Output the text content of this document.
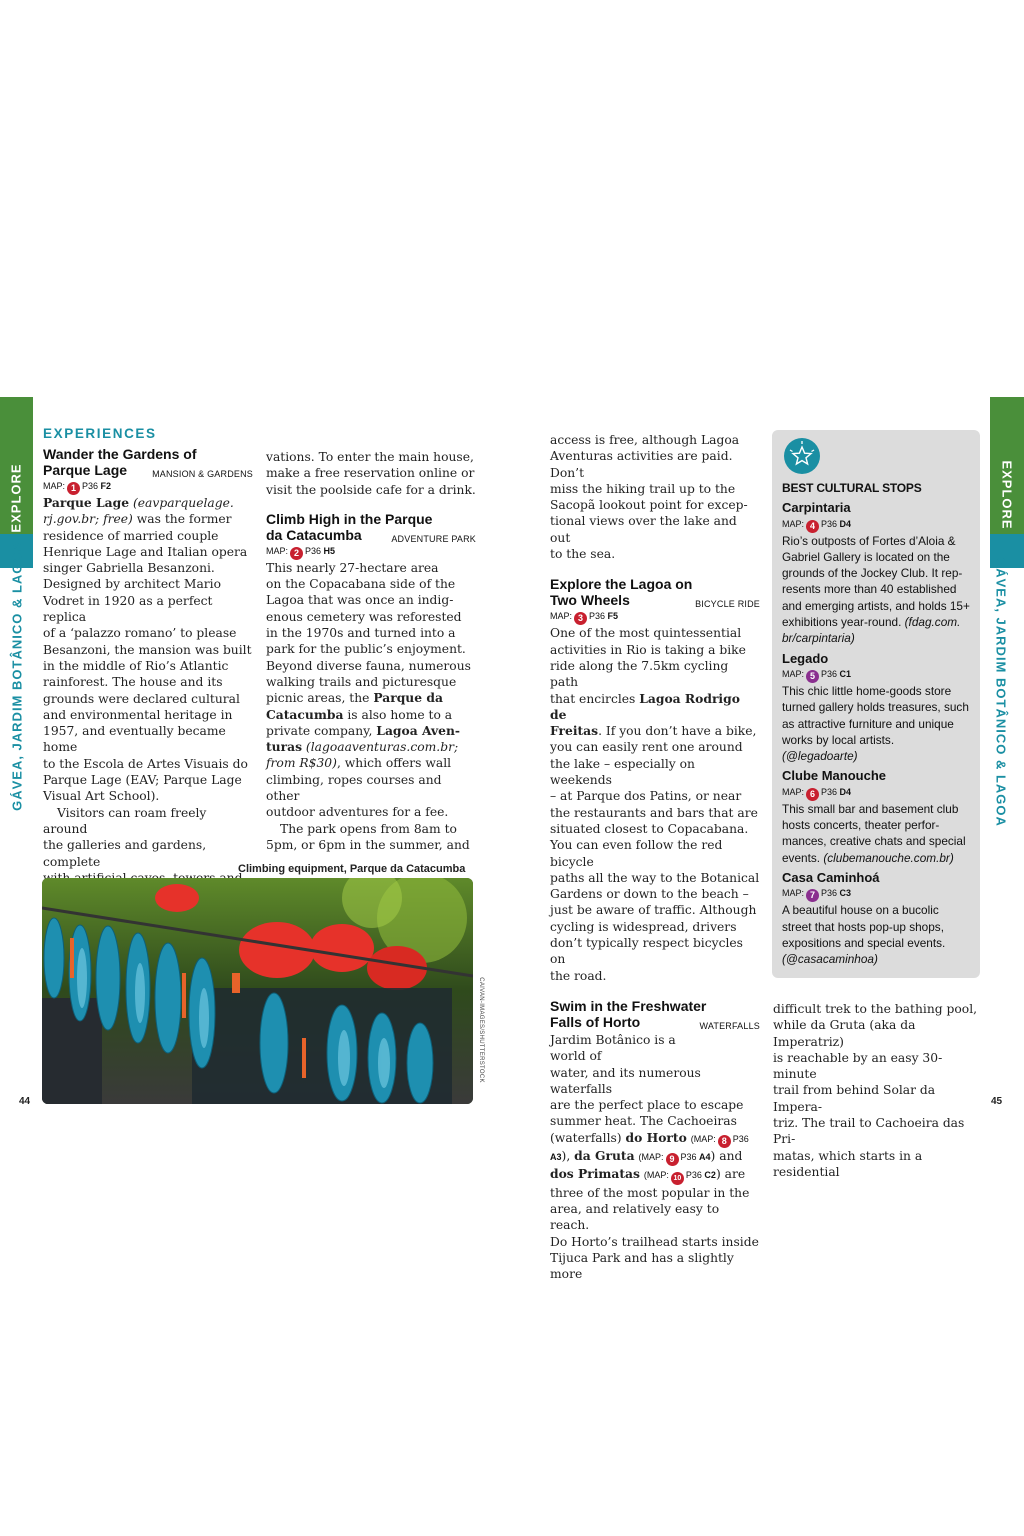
EXPLORE
GÁVEA, JARDIM BOTÂNICO & LAGOA
EXPLORE
GÁVEA, JARDIM BOTÂNICO & LAGOA
44	45
EXPERIENCES
Wander the Gardens of
Parque Lage	MANSION & GARDENS
MAP: 1 P36 F2

Parque Lage (eavparquelage.

rj.gov.br; free) was the former

residence of married couple

Henrique Lage and Italian opera

singer Gabriella Besanzoni.

Designed by architect Mario

Vodret in 1920 as a perfect replica

of a ‘palazzo romano’ to please

Besanzoni, the mansion was built

in the middle of Rio’s Atlantic

rainforest. The house and its

grounds were declared cultural

and environmental heritage in

1957, and eventually became home

to the Escola de Artes Visuais do

Parque Lage (EAV; Parque Lage

Visual Art School).

Visitors can roam freely around

the galleries and gardens, complete

vations. To enter the main house,

make a free reservation online or

visit the poolside cafe for a drink.

Climb High in the Parque
da Catacumba	ADVENTURE PARK
MAP: 2 P36 H5

This nearly 27-hectare area

on the Copacabana side of the

Lagoa that was once an indig-

enous cemetery was reforested

in the 1970s and turned into a

park for the public’s enjoyment.

Beyond diverse fauna, numerous

walking trails and picturesque

picnic areas, the Parque da

Catacumba is also home to a

private company, Lagoa Aven-

turas (lagoaaventuras.com.br;

from R$30), which offers wall

climbing, ropes courses and other

outdoor adventures for a fee.

The park opens from 8am to

5pm, or 6pm in the summer, and

Climbing equipment, Parque da Catacumba
CAIVAN-IMAGES/SHUTTERSTOCK

access is free, although Lagoa

Aventuras activities are paid. Don’t

miss the hiking trail up to the

Sacopã lookout point for excep-

tional views over the lake and out

to the sea.

Explore the Lagoa on
Two Wheels	BICYCLE RIDE
MAP: 3 P36 F5

One of the most quintessential

activities in Rio is taking a bike

ride along the 7.5km cycling path

that encircles Lagoa Rodrigo de

Freitas. If you don’t have a bike,

you can easily rent one around

the lake – especially on weekends

– at Parque dos Patins, or near

the restaurants and bars that are

situated closest to Copacabana.

You can even follow the red bicycle

paths all the way to the Botanical

Gardens or down to the beach –

just be aware of traffic. Although

cycling is widespread, drivers

don’t typically respect bicycles on

the road.

Swim in the Freshwater
Falls of Horto	WATERFALLS

Jardim Botânico is a world of

water, and its numerous waterfalls

are the perfect place to escape

summer heat. The Cachoeiras

(waterfalls) do Horto (MAP: 8 P36

A3), da Gruta (MAP: 9 P36 A4) and

dos Primatas (MAP: 10 P36 C2) are

three of the most popular in the

area, and relatively easy to reach.

Do Horto’s trailhead starts inside

Tijuca Park and has a slightly more

BEST CULTURAL STOPS
Carpintaria
MAP: 4 P36 D4
Rio’s outposts of Fortes d’Aloia &
Gabriel Gallery is located on the
grounds of the Jockey Club. It rep-
resents more than 40 established
and emerging artists, and holds 15+
exhibitions year-round. (fdag.com.
br/carpintaria)
Legado
MAP: 5 P36 C1
This chic little home-goods store
turned gallery holds treasures, such
as attractive furniture and unique
works by local artists.
(@legadoarte)
Clube Manouche
MAP: 6 P36 D4
This small bar and basement club
hosts concerts, theater perfor-
mances, creative chats and special
events. (clubemanouche.com.br)
Casa Caminhoá
MAP: 7 P36 C3
A beautiful house on a bucolic
street that hosts pop-up shops,
expositions and special events.
(@casacaminhoa)

difficult trek to the bathing pool,

while da Gruta (aka da Imperatriz)

is reachable by an easy 30-minute

trail from behind Solar da Impera-

triz. The trail to Cachoeira das Pri-

matas, which starts in a residential
